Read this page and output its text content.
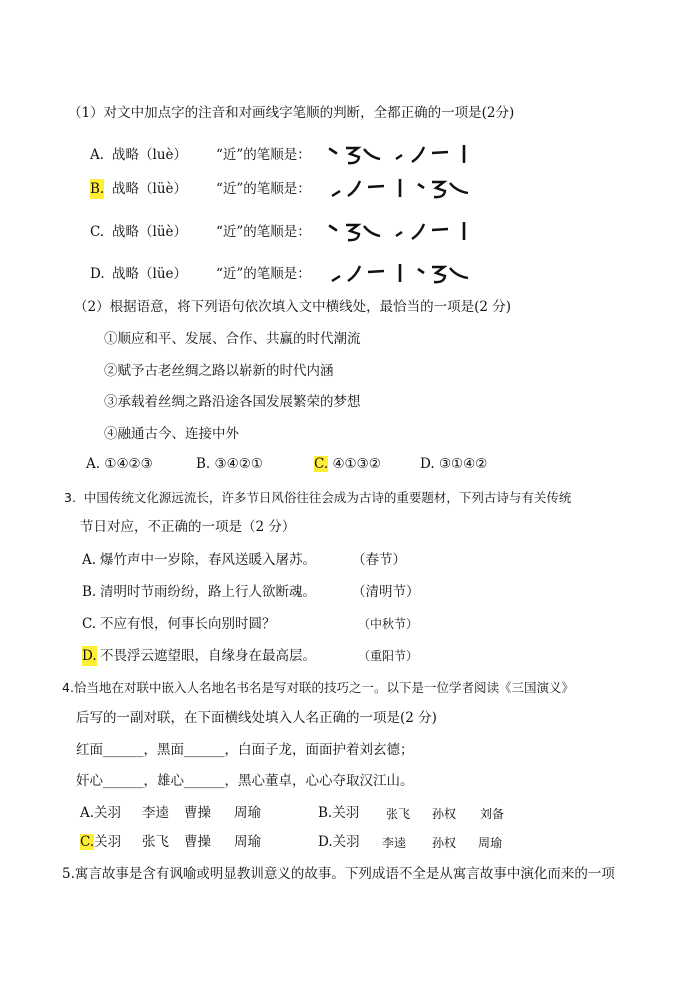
（1）对文中加点字的注音和对画线字笔顺的判断，全都正确的一项是(2分)
A. 战略（luè） “近”的笔顺是：
B. 战略（lüè） “近”的笔顺是：
C. 战略（lüè） “近”的笔顺是：
D. 战略（lüe） “近”的笔顺是：
（2）根据语意，将下列语句依次填入文中横线处，最恰当的一项是(2 分)
①顺应和平、发展、合作、共赢的时代潮流
②赋予古老丝绸之路以崭新的时代内涵
③承载着丝绸之路沿途各国发展繁荣的梦想
④融通古今、连接中外
A. ①④②③	B. ③④②①	C. ④①③②	D. ③①④②
3. 中国传统文化源远流长，许多节日风俗往往会成为古诗的重要题材，下列古诗与有关传统
节日对应，不正确的一项是（2 分）
A. 爆竹声中一岁除，春风送暖入屠苏。	（春节）
B. 清明时节雨纷纷，路上行人欲断魂。	（清明节）
C. 不应有恨，何事长向别时圆？	（中秋节）
D. 不畏浮云遮望眼，自缘身在最高层。	（重阳节）
4.恰当地在对联中嵌入人名地名书名是写对联的技巧之一。以下是一位学者阅读《三国演义》
后写的一副对联，在下面横线处填入人名正确的一项是(2 分)
红面______，黑面______，白面子龙，面面护着刘玄德；
奸心______，雄心______，黑心董卓，心心夺取汉江山。
A.关羽 李逵 曹操 周瑜	B.关羽 张飞 孙权 刘备
C.关羽 张飞 曹操 周瑜	D.关羽 李逵 孙权 周瑜
5.寓言故事是含有讽喻或明显教训意义的故事。下列成语不全是从寓言故事中演化而来的一项
